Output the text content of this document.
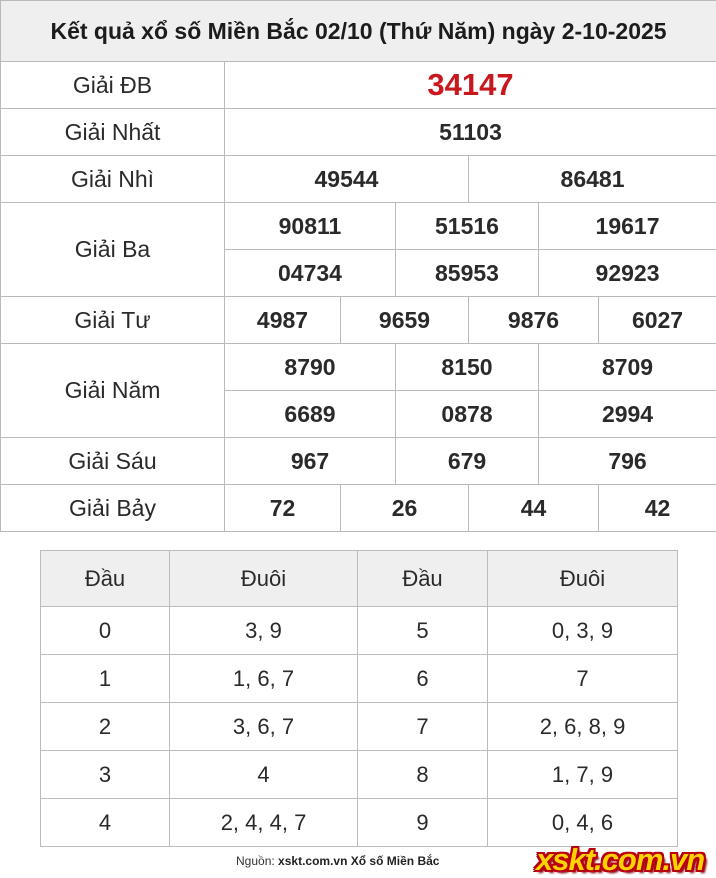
Kết quả xổ số Miền Bắc 02/10 (Thứ Năm) ngày 2-10-2025						
Giải ĐB	34147					
Giải Nhất	51103					
Giải Nhì	49544			86481		
Giải Ba	90811		51516		19617	
	04734		85953		92923	
Giải Tư	4987	9659		9876		6027
Giải Năm	8790		8150		8709	
	6689		0878		2994	
Giải Sáu	967		679		796	
Giải Bảy	72	26		44		42
Đầu	Đuôi	Đầu	Đuôi
0	3, 9	5	0, 3, 9
1	1, 6, 7	6	7
2	3, 6, 7	7	2, 6, 8, 9
3	4	8	1, 7, 9
4	2, 4, 4, 7	9	0, 4, 6
Nguồn: xskt.com.vn Xổ số Miền Bắc	xskt.com.vn
